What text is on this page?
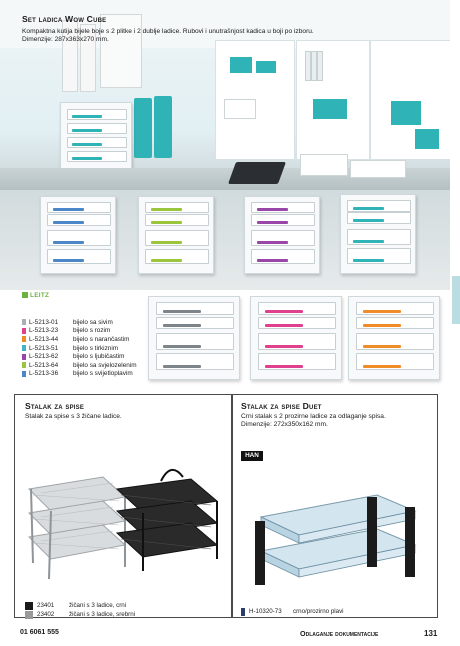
Set ladica Wow Cube
Kompaktna kutija bijele boje s 2 plitke i 2 dublje ladice. Rubovi i unutrašnjost kadica u boji po izboru.
Dimenzije: 287x363x270 mm.
LEITZ
L-5213-01	bijelo sa sivim
L-5213-23	bijelo s rozim
L-5213-44	bijelo s narančastim
L-5213-51	bijelo s tirkiznim
L-5213-62	bijelo s ljubičastim
L-5213-64	bijelo sa svjelozelenim
L-5213-36	bijelo s svijetloplavim
Stalak za spise
Stalak za spise s 3 žičane ladice.
23401	žičani s 3 ladice, crni
23402	žičani s 3 ladice, srebrni
Stalak za spise Duet
Crni stalak s 2 prozirne ladice za odlaganje spisa.
Dimenzije: 272x350x162 mm.
HAN
H-10320-73	crno/prozirno plavi
01 6061 555	Odlaganje dokumentacije	131
